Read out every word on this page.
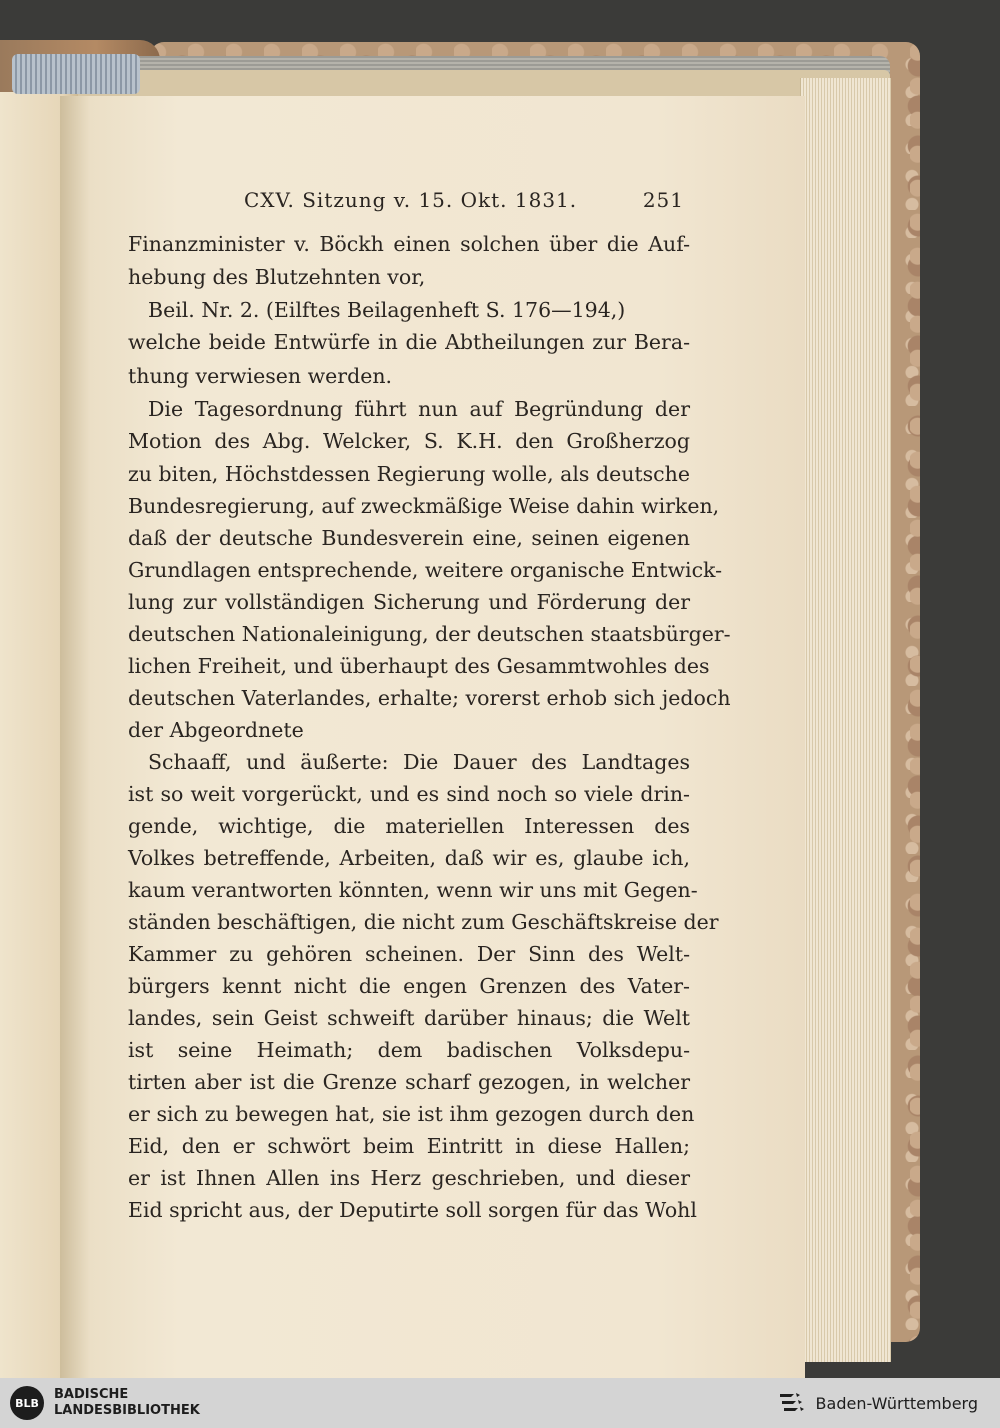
CXV. Sitzung v. 15. Okt. 1831.	251
Finanzminister v. Böckh einen solchen über die Auf-
hebung des Blutzehnten vor,
Beil. Nr. 2. (Eilftes Beilagenheft S. 176—194,)
welche beide Entwürfe in die Abtheilungen zur Bera-
thung verwiesen werden.
Die Tagesordnung führt nun auf Begründung der
Motion des Abg. Welcker, S. K.H. den Großherzog
zu biten, Höchstdessen Regierung wolle, als deutsche
Bundesregierung, auf zweckmäßige Weise dahin wirken,
daß der deutsche Bundesverein eine, seinen eigenen
Grundlagen entsprechende, weitere organische Entwick-
lung zur vollständigen Sicherung und Förderung der
deutschen Nationaleinigung, der deutschen staatsbürger-
lichen Freiheit, und überhaupt des Gesammtwohles des
deutschen Vaterlandes, erhalte; vorerst erhob sich jedoch
der Abgeordnete
Schaaff, und äußerte: Die Dauer des Landtages
ist so weit vorgerückt, und es sind noch so viele drin-
gende, wichtige, die materiellen Interessen des
Volkes betreffende, Arbeiten, daß wir es, glaube ich,
kaum verantworten könnten, wenn wir uns mit Gegen-
ständen beschäftigen, die nicht zum Geschäftskreise der
Kammer zu gehören scheinen. Der Sinn des Welt-
bürgers kennt nicht die engen Grenzen des Vater-
landes, sein Geist schweift darüber hinaus; die Welt
ist seine Heimath; dem badischen Volksdepu-
tirten aber ist die Grenze scharf gezogen, in welcher
er sich zu bewegen hat, sie ist ihm gezogen durch den
Eid, den er schwört beim Eintritt in diese Hallen;
er ist Ihnen Allen ins Herz geschrieben, und dieser
Eid spricht aus, der Deputirte soll sorgen für das Wohl
BLB
BADISCHE
LANDESBIBLIOTHEK	Baden-Württemberg
